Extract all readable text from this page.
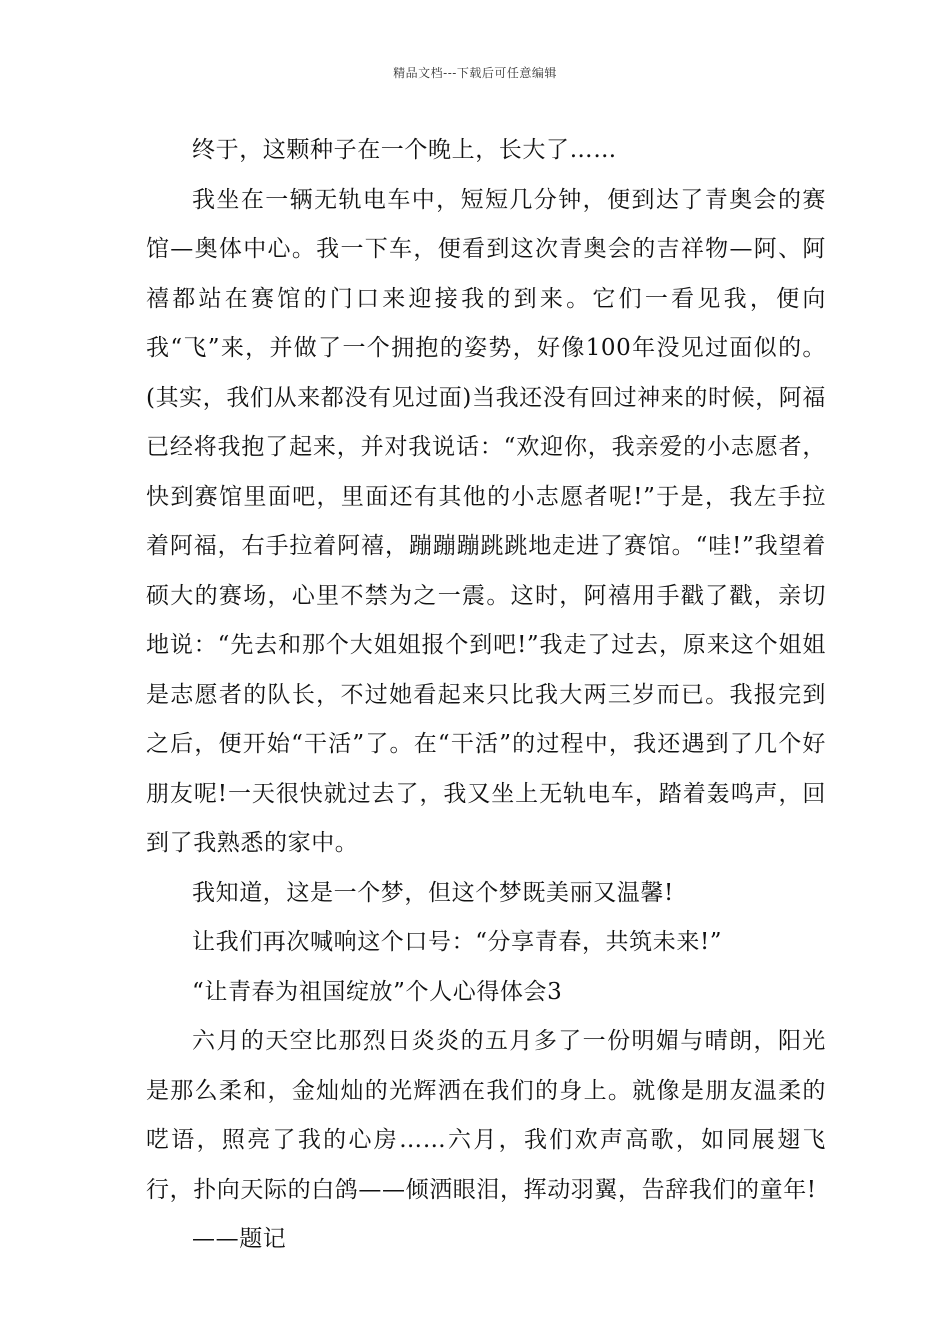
精品文档---下载后可任意编辑

终于，这颗种子在一个晚上，长大了……

我坐在一辆无轨电车中，短短几分钟，便到达了青奥会的赛馆—奥体中心。我一下车，便看到这次青奥会的吉祥物—阿、阿禧都站在赛馆的门口来迎接我的到来。它们一看见我，便向我“飞”来，并做了一个拥抱的姿势，好像100年没见过面似的。(其实，我们从来都没有见过面)当我还没有回过神来的时候，阿福已经将我抱了起来，并对我说话：“欢迎你，我亲爱的小志愿者，快到赛馆里面吧，里面还有其他的小志愿者呢!”于是，我左手拉着阿福，右手拉着阿禧，蹦蹦蹦跳跳地走进了赛馆。“哇!”我望着硕大的赛场，心里不禁为之一震。这时，阿禧用手戳了戳，亲切地说：“先去和那个大姐姐报个到吧!”我走了过去，原来这个姐姐是志愿者的队长，不过她看起来只比我大两三岁而已。我报完到之后，便开始“干活”了。在“干活”的过程中，我还遇到了几个好朋友呢!一天很快就过去了，我又坐上无轨电车，踏着轰鸣声，回到了我熟悉的家中。

我知道，这是一个梦，但这个梦既美丽又温馨!

让我们再次喊响这个口号：“分享青春，共筑未来!”

“让青春为祖国绽放”个人心得体会3

六月的天空比那烈日炎炎的五月多了一份明媚与晴朗，阳光是那么柔和，金灿灿的光辉洒在我们的身上。就像是朋友温柔的呓语，照亮了我的心房……六月，我们欢声高歌，如同展翅飞行，扑向天际的白鸽——倾洒眼泪，挥动羽翼，告辞我们的童年!

——题记
